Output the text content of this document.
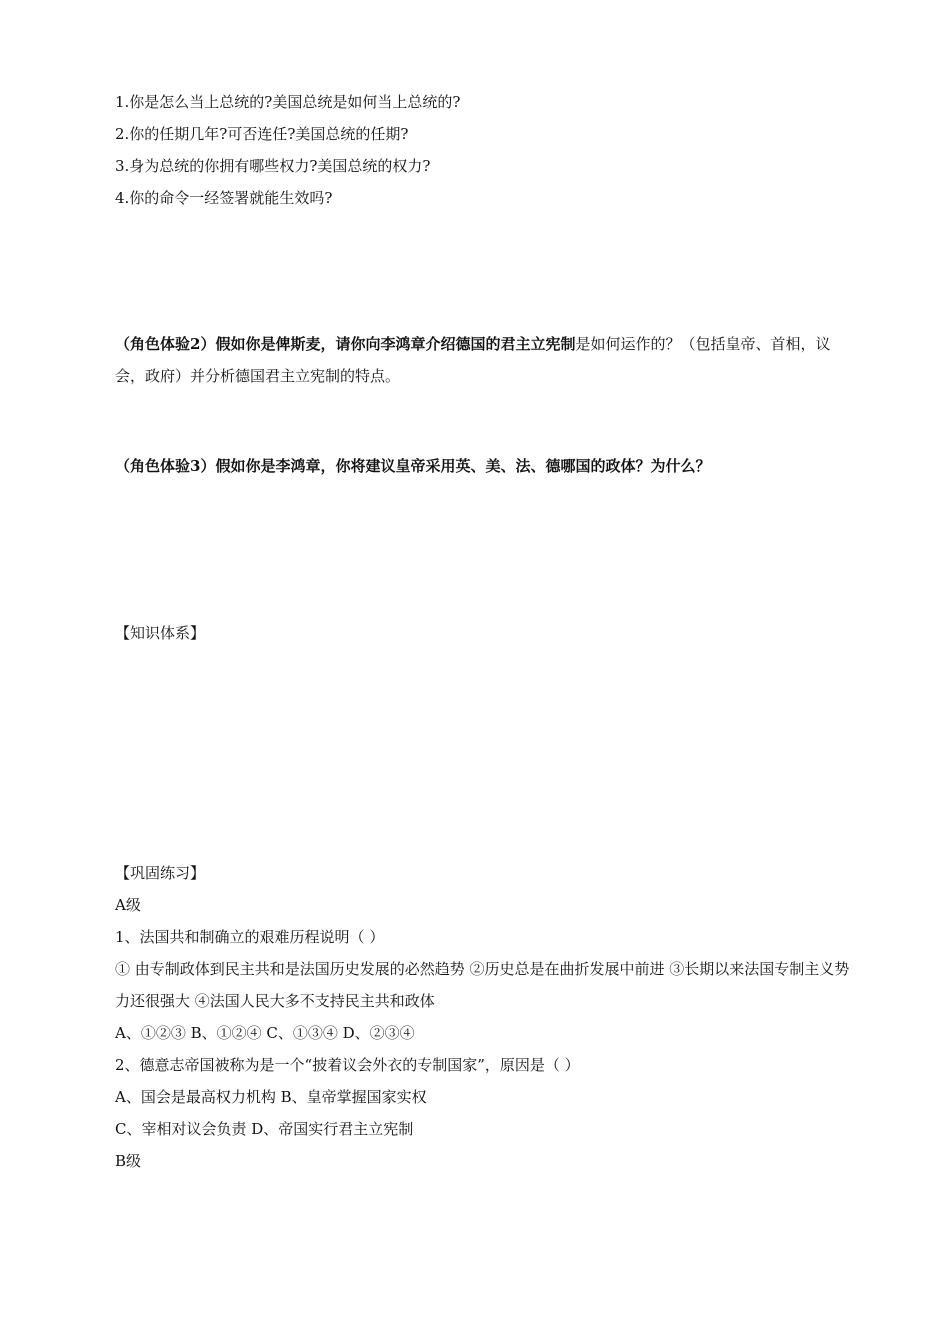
1.你是怎么当上总统的?美国总统是如何当上总统的?
2.你的任期几年?可否连任?美国总统的任期?
3.身为总统的你拥有哪些权力?美国总统的权力?
4.你的命令一经签署就能生效吗?
（角色体验2）假如你是俾斯麦，请你向李鸿章介绍德国的君主立宪制是如何运作的？（包括皇帝、首相，议会，政府）并分析德国君主立宪制的特点。
（角色体验3）假如你是李鸿章，你将建议皇帝采用英、美、法、德哪国的政体？为什么？
【知识体系】
【巩固练习】
A级
1、法国共和制确立的艰难历程说明（ ）
① 由专制政体到民主共和是法国历史发展的必然趋势 ②历史总是在曲折发展中前进 ③长期以来法国专制主义势力还很强大 ④法国人民大多不支持民主共和政体
A、①②③ B、①②④ C、①③④ D、②③④
2、德意志帝国被称为是一个“披着议会外衣的专制国家”，原因是（ ）
A、国会是最高权力机构 B、皇帝掌握国家实权
C、宰相对议会负责 D、帝国实行君主立宪制
B级
